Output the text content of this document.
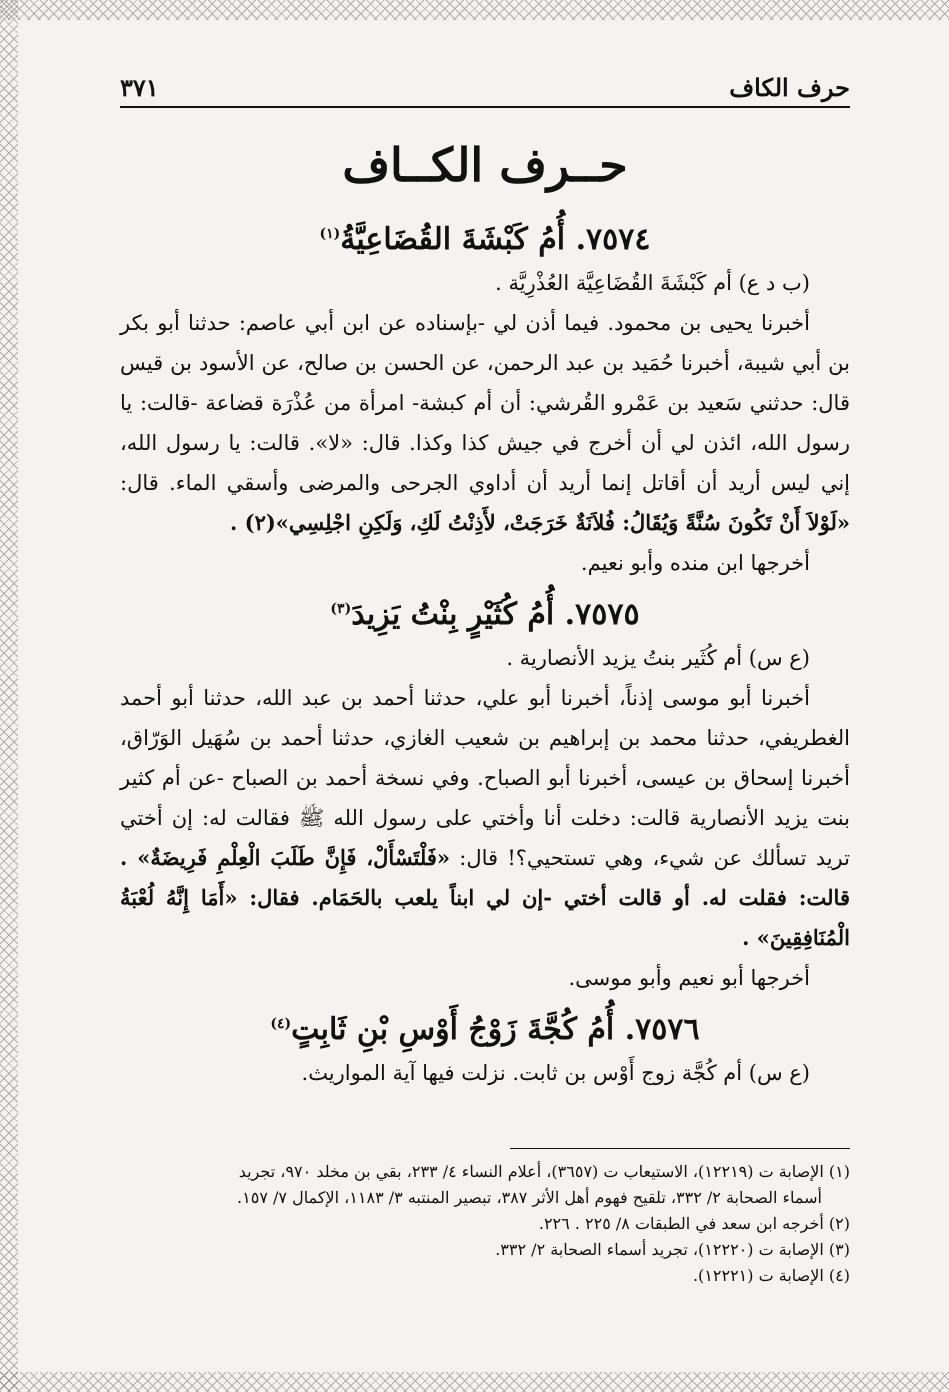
حرف الكاف
٣٧١
حــرف الكــاف
٧٥٧٤. أُمُ كَبْشَةَ القُضَاعِيَّةُ$^{(١)}$

(ب د ع) أم كَبْشَةَ القُضَاعِيَّة العُذْرِيَّة .

أخبرنا يحيى بن محمود. فيما أذن لي -بإسناده عن ابن أبي عاصم: حدثنا أبو بكر بن أبي شيبة، أخبرنا حُمَيد بن عبد الرحمن، عن الحسن بن صالح، عن الأسود بن قيس قال: حدثني سَعيد بن عَمْرو القُرشي: أن أم كبشة- امرأة من عُذْرَة قضاعة -قالت: يا رسول الله، ائذن لي أن أخرج في جيش كذا وكذا. قال: «لا». قالت: يا رسول الله، إني ليس أريد أن أقاتل إنما أريد أن أداوي الجرحى والمرضى وأسقي الماء. قال: «لَوْلاَ أَنْ تَكُونَ سُنَّةً وَيُقَالُ: فُلاَنَةٌ خَرَجَتْ، لأَذِنْتُ لَكِ، وَلَكِنِ اجْلِسِي»(٢) .

أخرجها ابن منده وأبو نعيم.

٧٥٧٥. أُمُ كُثَيْرٍ بِنْتُ يَزِيدَ$^{(٣)}$

(ع س) أم كُثَير بنتُ يزيد الأنصارية .

أخبرنا أبو موسى إذناً، أخبرنا أبو علي، حدثنا أحمد بن عبد الله، حدثنا أبو أحمد الغطريفي، حدثنا محمد بن إبراهيم بن شعيب الغازي، حدثنا أحمد بن سُهَيل الوَرّاق، أخبرنا إسحاق بن عيسى، أخبرنا أبو الصباح. وفي نسخة أحمد بن الصباح -عن أم كثير بنت يزيد الأنصارية قالت: دخلت أنا وأختي على رسول الله ﷺ فقالت له: إن أختي تريد تسألك عن شيء، وهي تستحيي؟! قال: «فَلْتَسْأَلْ، فَإِنَّ طَلَبَ الْعِلْمِ فَرِيضَةٌ» . قالت: فقلت له. أو قالت أختي -إن لي ابناً يلعب بالحَمَام. فقال: «أَمَا إِنَّهُ لُعْبَةُ الْمُنَافِقِينَ» .

أخرجها أبو نعيم وأبو موسى.

٧٥٧٦. أُمُ كُجَّةَ زَوْجُ أَوْسِ بْنِ ثَابِتٍ$^{(٤)}$

(ع س) أم كُجَّة زوج أَوْس بن ثابت. نزلت فيها آية المواريث.

(١) الإصابة ت (١٢٢١٩)، الاستيعاب ت (٣٦٥٧)، أعلام النساء ٤/ ٢٣٣، بقي بن مخلد ٩٧٠، تجريد

أسماء الصحابة ٢/ ٣٣٢، تلقيح فهوم أهل الأثر ٣٨٧، تبصير المنتبه ٣/ ١١٨٣، الإكمال ٧/ ١٥٧.

(٢) أخرجه ابن سعد في الطبقات ٨/ ٢٢٥ . ٢٢٦.

(٣) الإصابة ت (١٢٢٢٠)، تجريد أسماء الصحابة ٢/ ٣٣٢.

(٤) الإصابة ت (١٢٢٢١).
